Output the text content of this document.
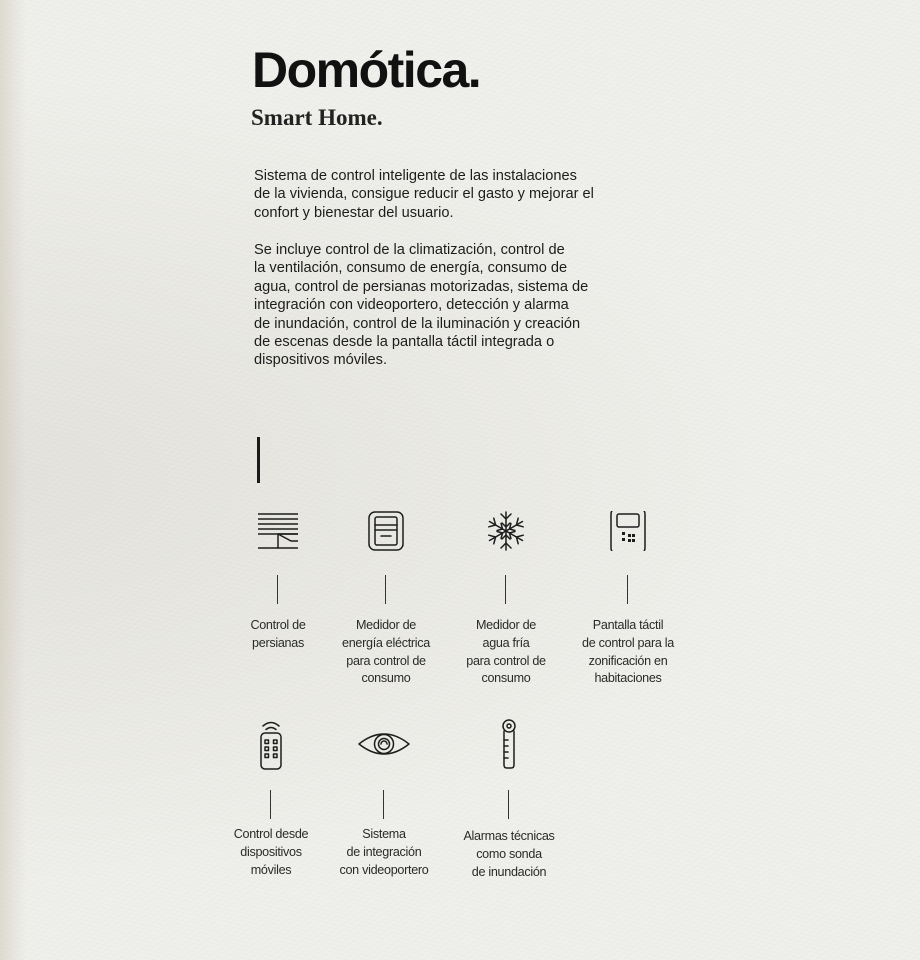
Domótica.
Smart Home.

Sistema de control inteligente de las instalaciones
de la vivienda, consigue reducir el gasto y mejorar el
confort y bienestar del usuario.

Se incluye control de la climatización, control de
la ventilación, consumo de energía, consumo de
agua, control de persianas motorizadas, sistema de
integración con videoportero, detección y alarma
de inundación, control de la iluminación y creación
de escenas desde la pantalla táctil integrada o
dispositivos móviles.

Control de
persianas
Medidor de
energía eléctrica
para control de
consumo
Medidor de
agua fría
para control de
consumo
Pantalla táctil
de control para la
zonificación en
habitaciones
Control desde
dispositivos
móviles
Sistema
de integración
con videoportero
Alarmas técnicas
como sonda
de inundación
